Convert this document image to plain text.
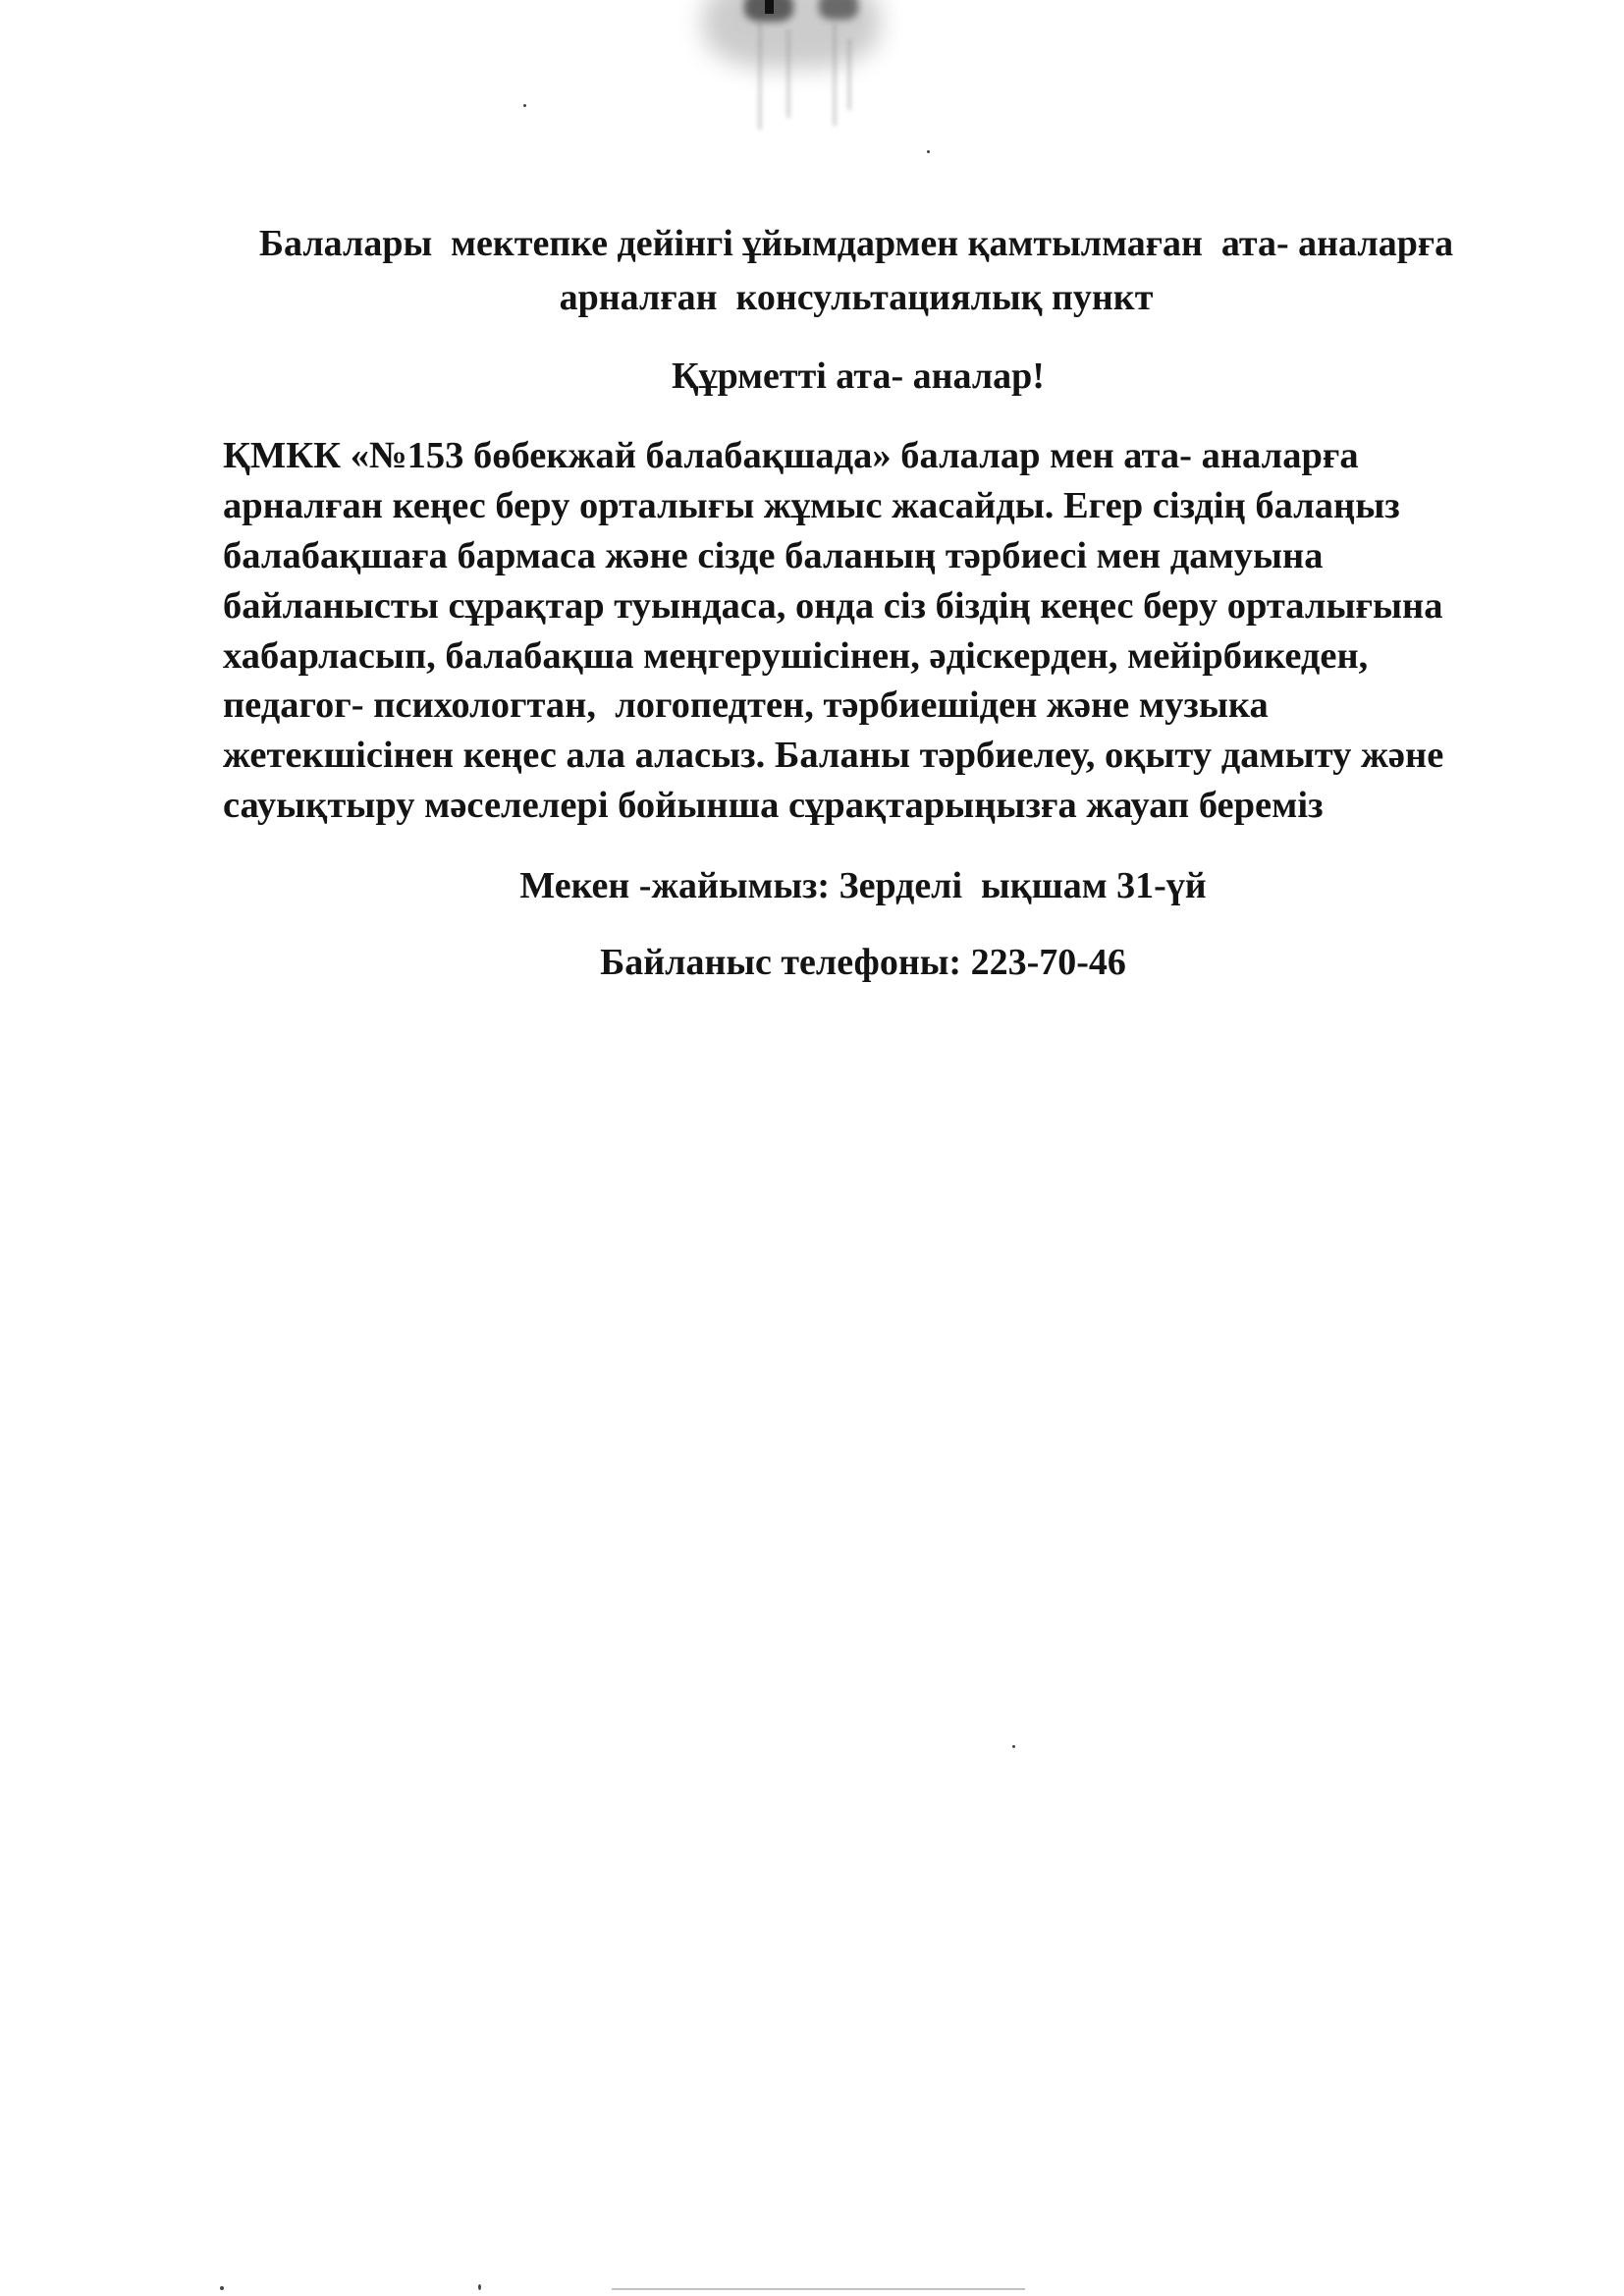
Балалары  мектепке дейінгі ұйымдармен қамтылмаған  ата- аналарға
арналған  консультациялық пункт
Құрметті ата- аналар!
ҚМКК «№153 бөбекжай балабақшада» балалар мен ата- аналарға
арналған кеңес беру орталығы жұмыс жасайды. Егер сіздің балаңыз
балабақшаға бармаса және сізде баланың тәрбиесі мен дамуына
байланысты сұрақтар туындаса, онда сіз біздің кеңес беру орталығына
хабарласып, балабақша меңгерушісінен, әдіскерден, мейірбикеден,
педагог- психологтан,  логопедтен, тәрбиешіден және музыка
жетекшісінен кеңес ала аласыз. Баланы тәрбиелеу, оқыту дамыту және
сауықтыру мәселелері бойынша сұрақтарыңызға жауап береміз
Мекен -жайымыз: Зерделі  ықшам 31-үй
Байланыс телефоны: 223-70-46
